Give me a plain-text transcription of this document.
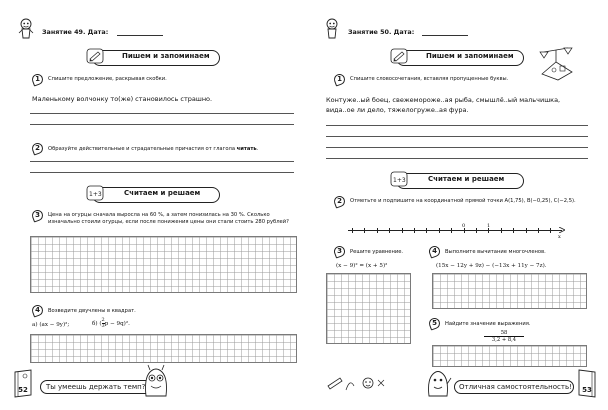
Занятие 49. Дата:
Пишем и запоминаем
1	Спишите предложение, раскрывая скобки.
Маленькому волчонку то(же) становилось страшно.
2	Образуйте действительные и страдательные причастия от глагола читать.
1+3	Считаем и решаем
3	Цена на огурцы сначала выросла на 60 %, а затем понизилась на 30 %. Сколько изначально стоили огурцы, если после понижения цены они стали стоить 280 рублей?
4	Возведите двучлены в квадрат.
а) (ax − 9y)²;	б) ( $\frac{2}{3}$ p − 9q)².
52	Ты умеешь держать темп?
Занятие 50. Дата:
Пишем и запоминаем
1	Спишите словосочетания, вставляя пропущенные буквы.
Контуже..ый боец, свежемороже..ая рыба, смышлё..ый мальчишка,
вида..ое ли дело, тяжелогруже..ая фура.
1+3	Считаем и решаем
2	Отметьте и подпишите на координатной прямой точки A(1,75), B(−0,25), C(−2,5).
0	1
x
3	Решите уравнение.
(x − 9)² = (x + 5)²
4	Выполните вычитание многочленов.
(15x − 12y + 9z) − (−13x + 11y − 7z).
5	Найдите значение выражения.
$\frac{58}{3,2 + 8,4}$
Отличная самостоятельность!	53
